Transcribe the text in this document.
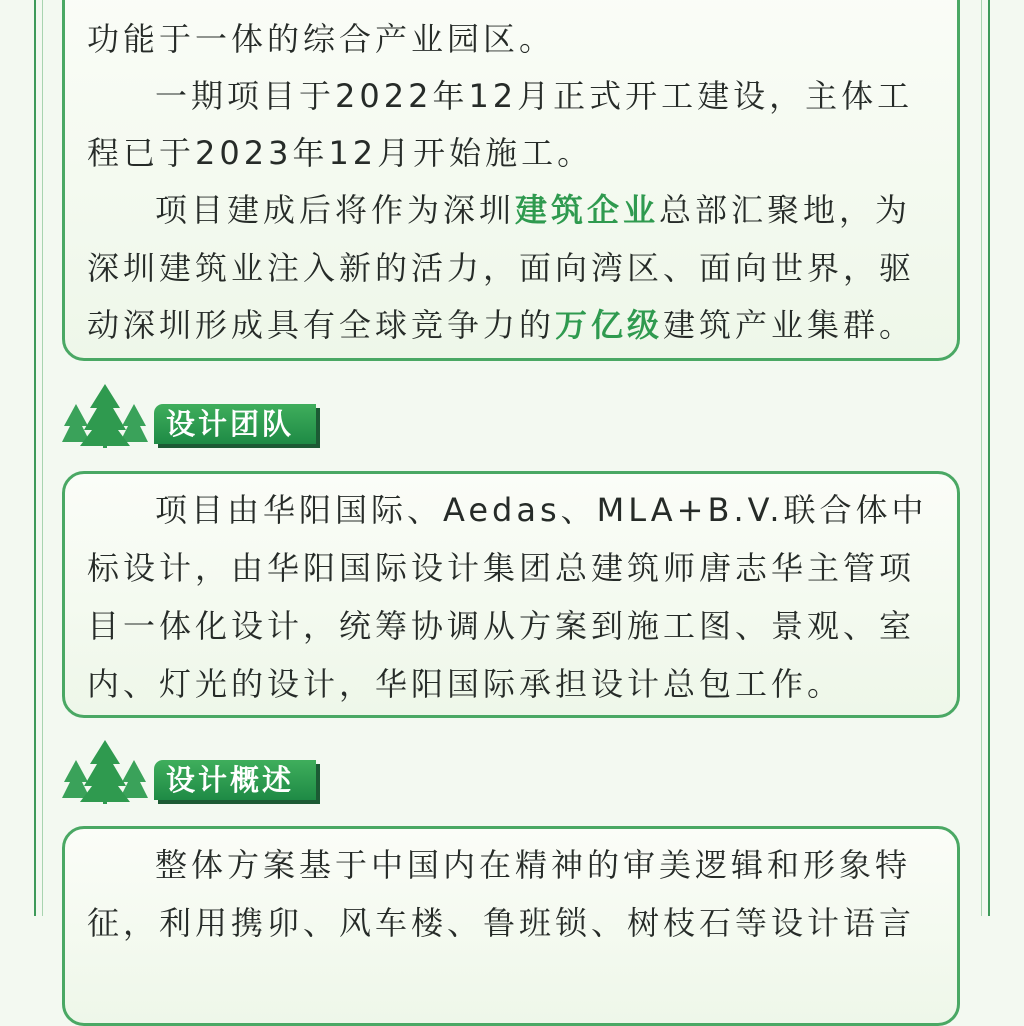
功能于一体的综合产业园区。

一期项目于2022年12月正式开工建设，主体工

程已于2023年12月开始施工。

项目建成后将作为深圳建筑企业总部汇聚地，为

深圳建筑业注入新的活力，面向湾区、面向世界，驱

动深圳形成具有全球竞争力的万亿级建筑产业集群。

设计团队

项目由华阳国际、Aedas、MLA+B.V.联合体中

标设计，由华阳国际设计集团总建筑师唐志华主管项

目一体化设计，统筹协调从方案到施工图、景观、室

内、灯光的设计，华阳国际承担设计总包工作。

设计概述

整体方案基于中国内在精神的审美逻辑和形象特

征，利用携卯、风车楼、鲁班锁、树枝石等设计语言
